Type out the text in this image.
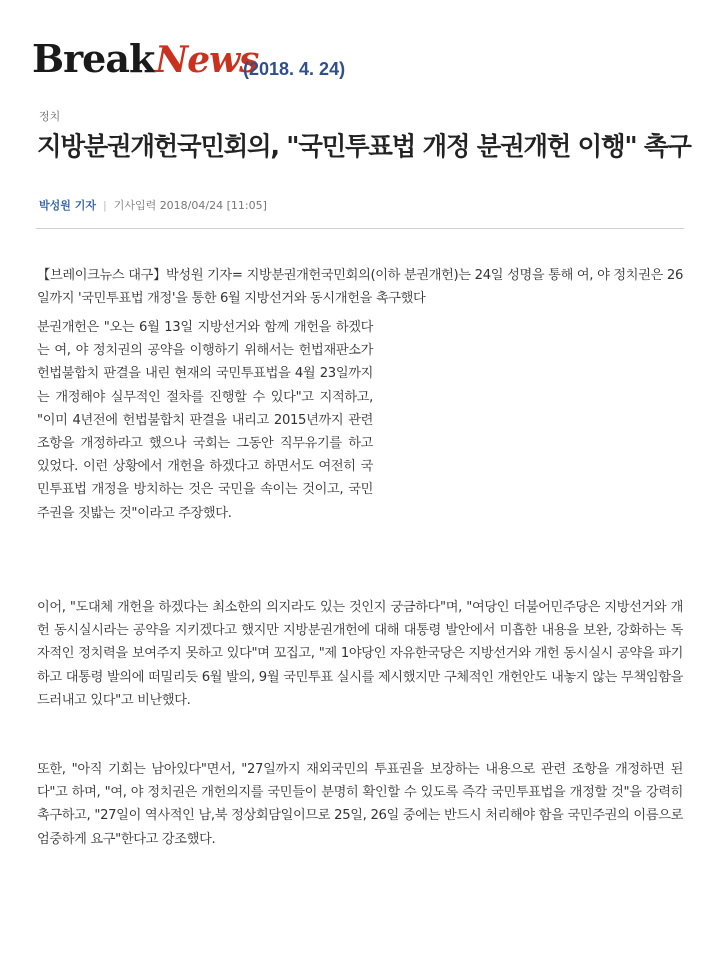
Break News
(2018. 4. 24)
정치
지방분권개헌국민회의, "국민투표법 개정 분권개헌 이행" 촉구
박성원 기자 | 기사입력 2018/04/24 [11:05]

【브레이크뉴스 대구】박성원 기자= 지방분권개헌국민회의(이하 분권개헌)는 24일 성명을 통해 여, 야 정치권은 26일까지 '국민투표법 개정'을 통한 6월 지방선거와 동시개헌을 촉구했다

분권개헌은 "오는 6월 13일 지방선거와 함께 개헌을 하겠다는 여, 야 정치권의 공약을 이행하기 위해서는 헌법재판소가 헌법불합치 판결을 내린 현재의 국민투표법을 4월 23일까지는 개정해야 실무적인 절차를 진행할 수 있다"고 지적하고, "이미 4년전에 헌법불합치 판결을 내리고 2015년까지 관련 조항을 개정하라고 했으나 국회는 그동안 직무유기를 하고 있었다. 이런 상황에서 개헌을 하겠다고 하면서도 여전히 국민투표법 개정을 방치하는 것은 국민을 속이는 것이고, 국민주권을 짓밟는 것"이라고 주장했다.

이어, "도대체 개헌을 하겠다는 최소한의 의지라도 있는 것인지 궁금하다"며, "여당인 더불어민주당은 지방선거와 개헌 동시실시라는 공약을 지키겠다고 했지만 지방분권개헌에 대해 대통령 발안에서 미흡한 내용을 보완, 강화하는 독자적인 정치력을 보여주지 못하고 있다"며 꼬집고, "제 1야당인 자유한국당은 지방선거와 개헌 동시실시 공약을 파기하고 대통령 발의에 떠밀리듯 6월 발의, 9월 국민투표 실시를 제시했지만 구체적인 개헌안도 내놓지 않는 무책임함을 드러내고 있다"고 비난했다.

또한, "아직 기회는 남아있다"면서, "27일까지 재외국민의 투표권을 보장하는 내용으로 관련 조항을 개정하면 된다"고 하며, "여, 야 정치권은 개헌의지를 국민들이 분명히 확인할 수 있도록 즉각 국민투표법을 개정할 것"을 강력히 촉구하고, "27일이 역사적인 남,북 정상회담일이므로 25일, 26일 중에는 반드시 처리해야 함을 국민주권의 이름으로 엄중하게 요구"한다고 강조했다.
